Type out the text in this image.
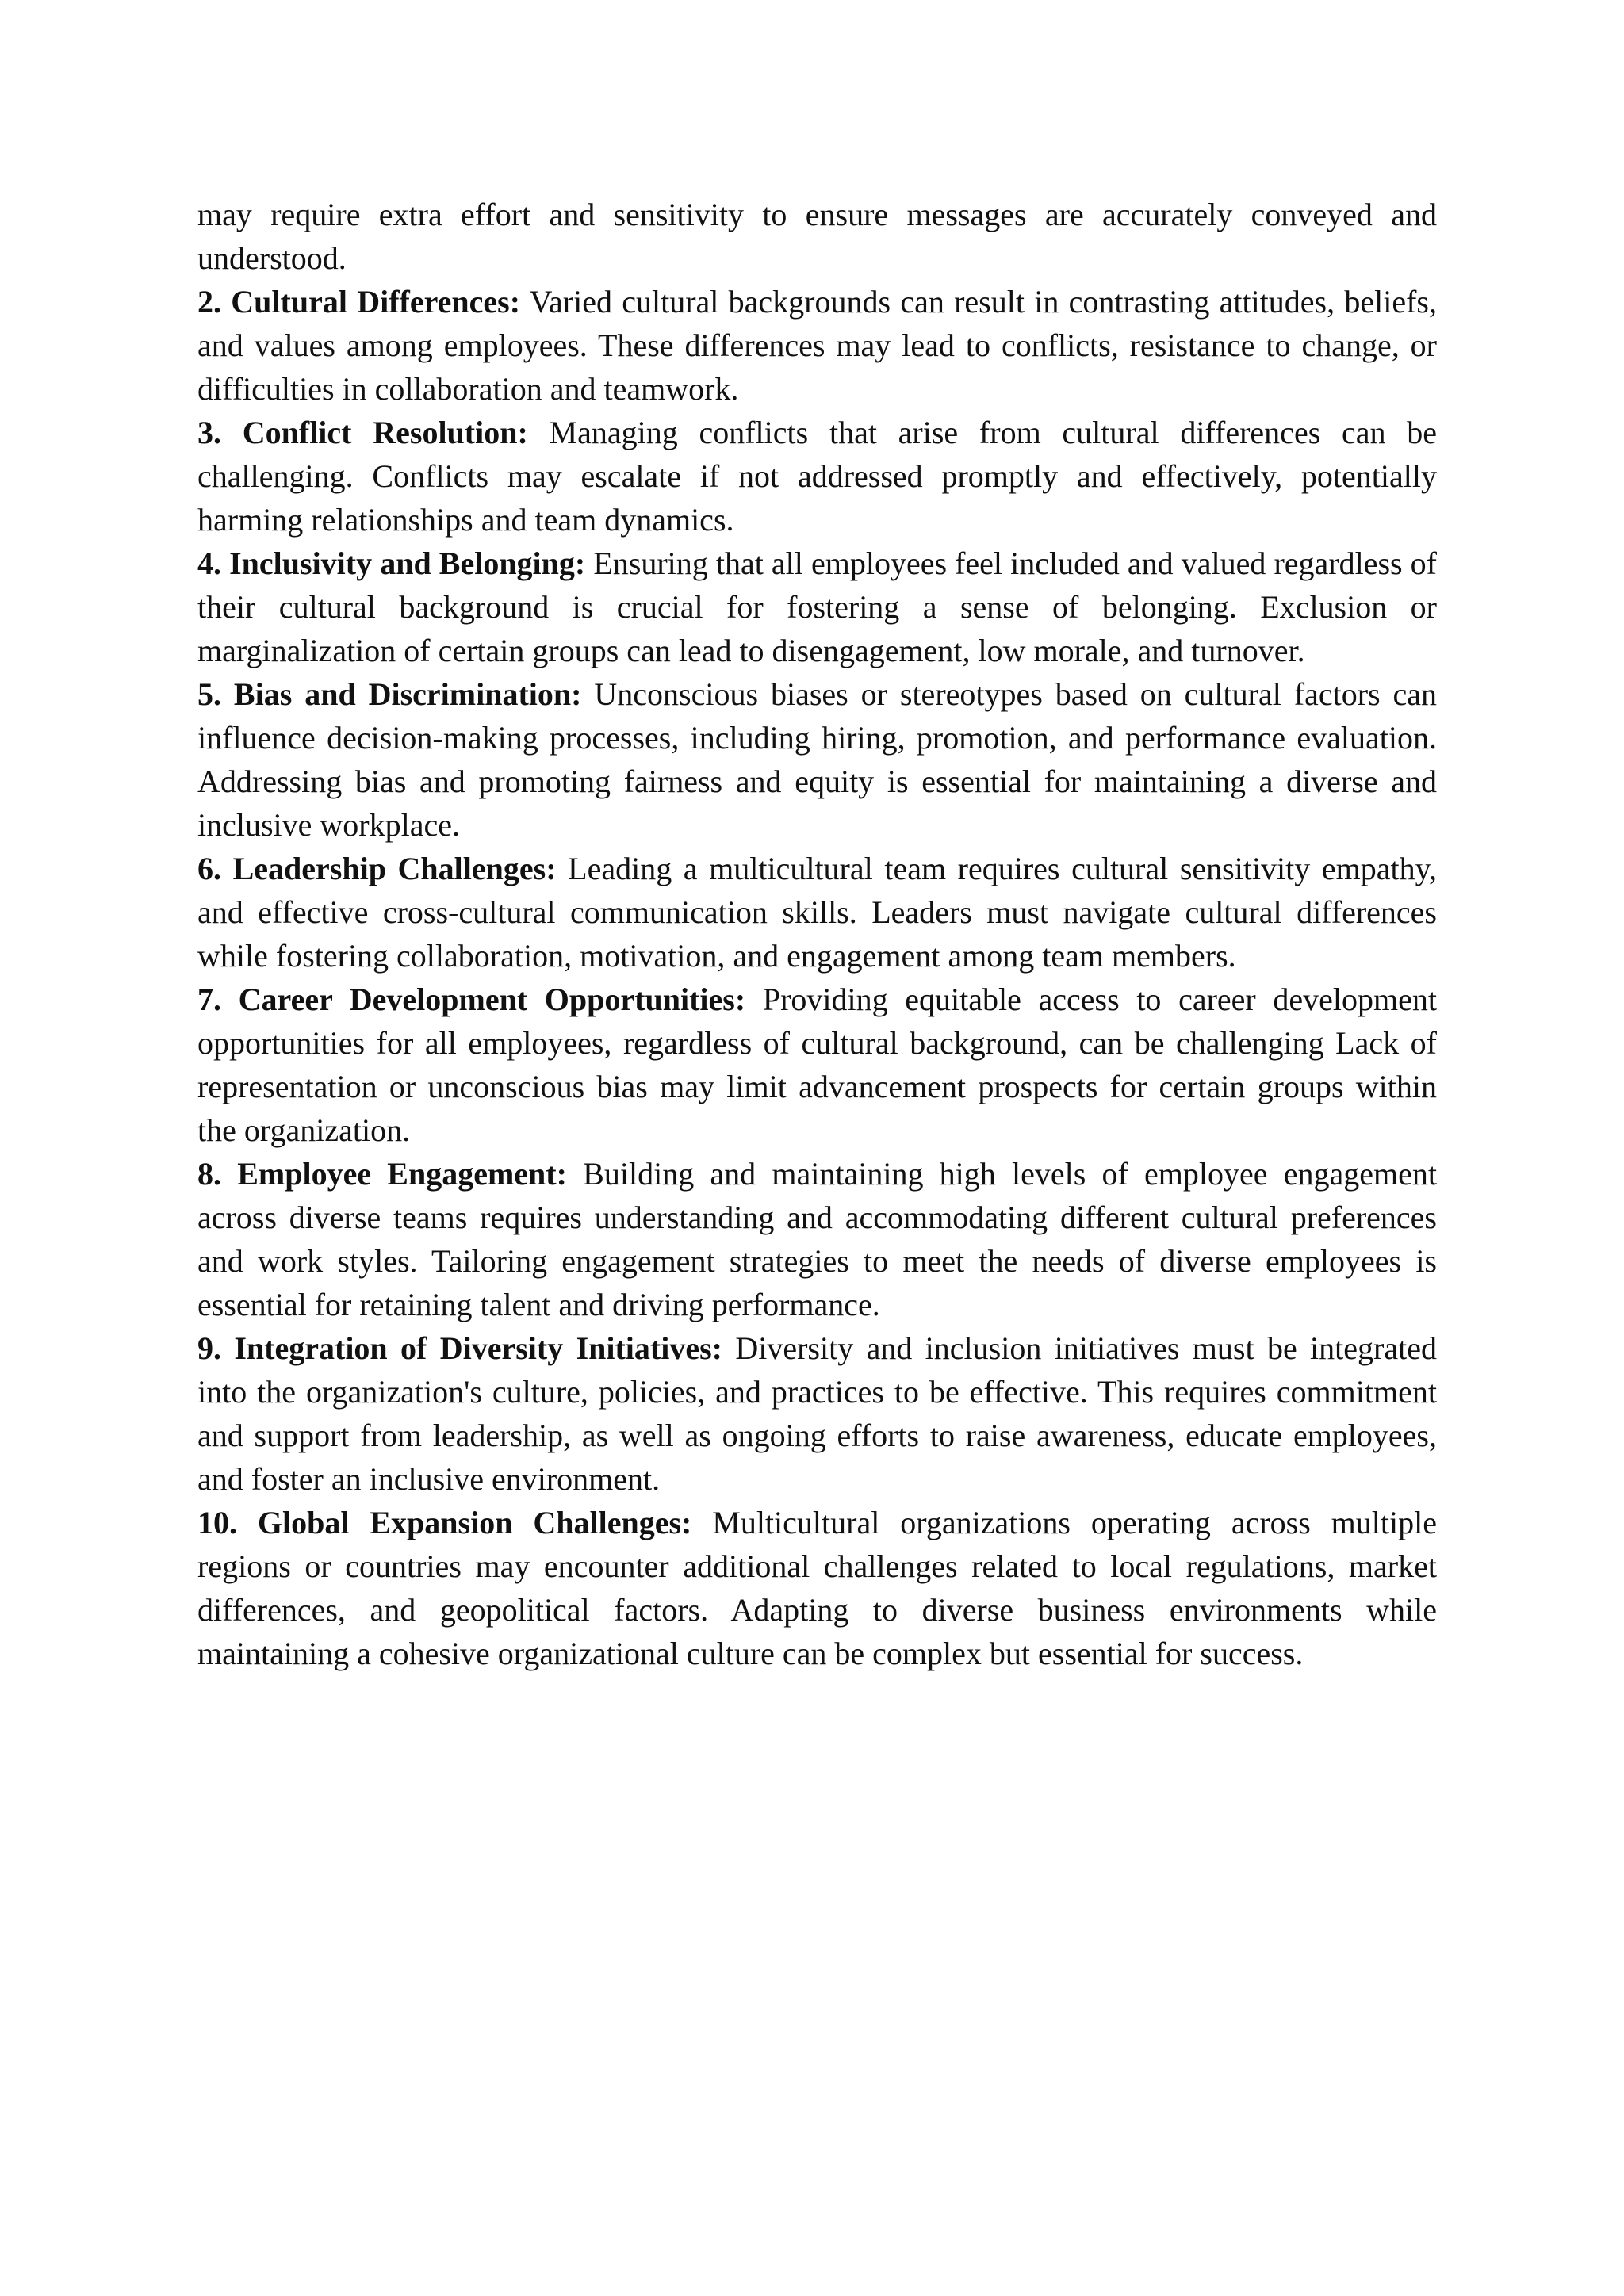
may require extra effort and sensitivity to ensure messages are accurately conveyed and understood.

2. Cultural Differences: Varied cultural backgrounds can result in contrasting attitudes, beliefs, and values among employees. These differences may lead to conflicts, resistance to change, or difficulties in collaboration and teamwork.

3. Conflict Resolution: Managing conflicts that arise from cultural differences can be challenging. Conflicts may escalate if not addressed promptly and effectively, potentially harming relationships and team dynamics.

4. Inclusivity and Belonging: Ensuring that all employees feel included and valued regardless of their cultural background is crucial for fostering a sense of belonging. Exclusion or marginalization of certain groups can lead to disengagement, low morale, and turnover.

5. Bias and Discrimination: Unconscious biases or stereotypes based on cultural factors can influence decision-making processes, including hiring, promotion, and performance evaluation. Addressing bias and promoting fairness and equity is essential for maintaining a diverse and inclusive workplace.

6. Leadership Challenges: Leading a multicultural team requires cultural sensitivity empathy, and effective cross-cultural communication skills. Leaders must navigate cultural differences while fostering collaboration, motivation, and engagement among team members.

7. Career Development Opportunities: Providing equitable access to career development opportunities for all employees, regardless of cultural background, can be challenging Lack of representation or unconscious bias may limit advancement prospects for certain groups within the organization.

8. Employee Engagement: Building and maintaining high levels of employee engagement across diverse teams requires understanding and accommodating different cultural preferences and work styles. Tailoring engagement strategies to meet the needs of diverse employees is essential for retaining talent and driving performance.

9. Integration of Diversity Initiatives: Diversity and inclusion initiatives must be integrated into the organization's culture, policies, and practices to be effective. This requires commitment and support from leadership, as well as ongoing efforts to raise awareness, educate employees, and foster an inclusive environment.

10. Global Expansion Challenges: Multicultural organizations operating across multiple regions or countries may encounter additional challenges related to local regulations, market differences, and geopolitical factors. Adapting to diverse business environments while maintaining a cohesive organizational culture can be complex but essential for success.
